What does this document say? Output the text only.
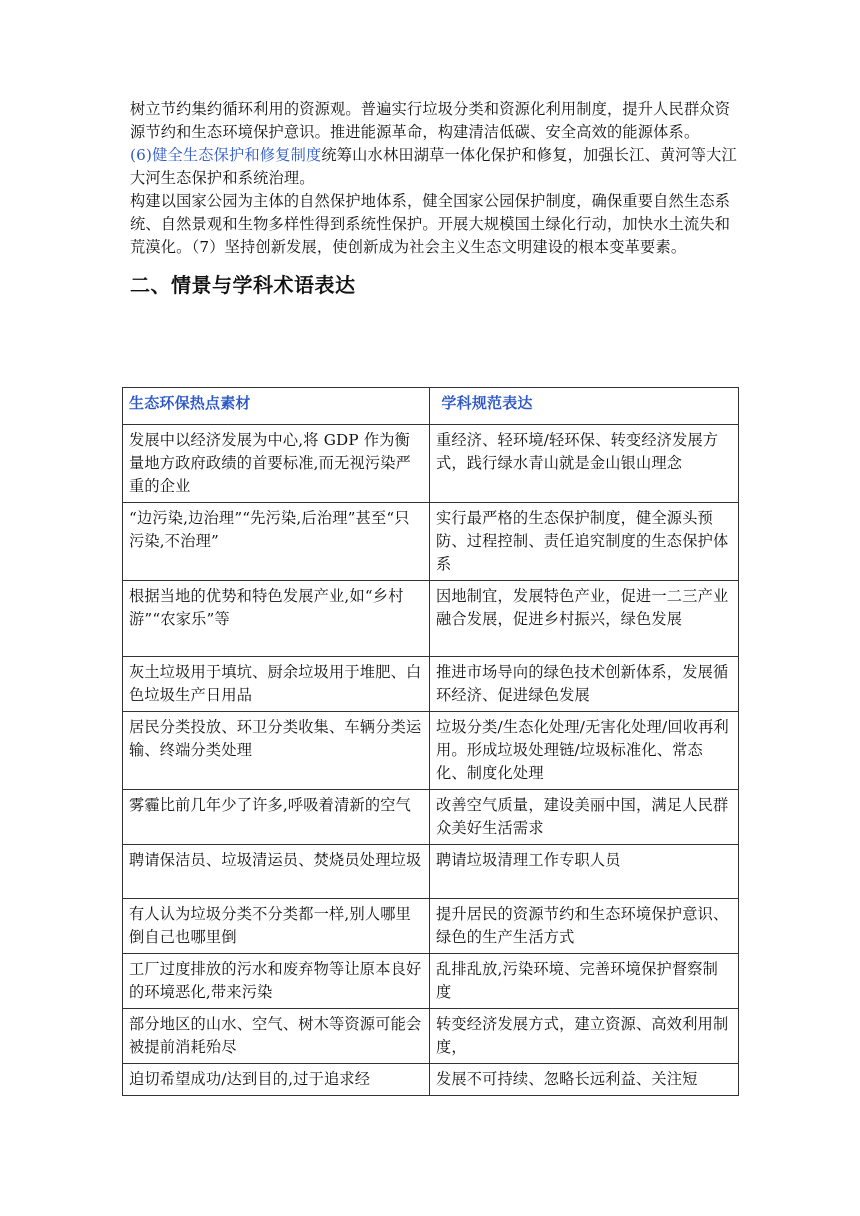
树立节约集约循环利用的资源观。普遍实行垃圾分类和资源化利用制度，提升人民群众资源节约和生态环境保护意识。推进能源革命，构建清洁低碳、安全高效的能源体系。

(6)健全生态保护和修复制度统筹山水林田湖草一体化保护和修复，加强长江、黄河等大江大河生态保护和系统治理。

构建以国家公园为主体的自然保护地体系，健全国家公园保护制度，确保重要自然生态系统、自然景观和生物多样性得到系统性保护。开展大规模国土绿化行动，加快水土流失和荒漠化。（7）坚持创新发展，使创新成为社会主义生态文明建设的根本变革要素。

二、情景与学科术语表达
生态环保热点素材	学科规范表达
发展中以经济发展为中心,将 GDP 作为衡量地方政府政绩的首要标准,而无视污染严重的企业	重经济、轻环境/轻环保、转变经济发展方式，践行绿水青山就是金山银山理念
“边污染,边治理”“先污染,后治理”甚至“只污染,不治理”	实行最严格的生态保护制度，健全源头预防、过程控制、责任追究制度的生态保护体系
根据当地的优势和特色发展产业,如“乡村游”“农家乐”等	因地制宜，发展特色产业，促进一二三产业融合发展，促进乡村振兴，绿色发展
灰土垃圾用于填坑、厨余垃圾用于堆肥、白色垃圾生产日用品	推进市场导向的绿色技术创新体系，发展循环经济、促进绿色发展
居民分类投放、环卫分类收集、车辆分类运输、终端分类处理	垃圾分类/生态化处理/无害化处理/回收再利用。形成垃圾处理链/垃圾标准化、常态化、制度化处理
雾霾比前几年少了许多,呼吸着清新的空气	改善空气质量，建设美丽中国，满足人民群众美好生活需求
聘请保洁员、垃圾清运员、焚烧员处理垃圾	聘请垃圾清理工作专职人员
有人认为垃圾分类不分类都一样,别人哪里倒自己也哪里倒	提升居民的资源节约和生态环境保护意识、绿色的生产生活方式
工厂过度排放的污水和废弃物等让原本良好的环境恶化,带来污染	乱排乱放,污染环境、完善环境保护督察制度
部分地区的山水、空气、树木等资源可能会被提前消耗殆尽	转变经济发展方式，建立资源、高效利用制度，
迫切希望成功/达到目的,过于追求经	发展不可持续、忽略长远利益、关注短
